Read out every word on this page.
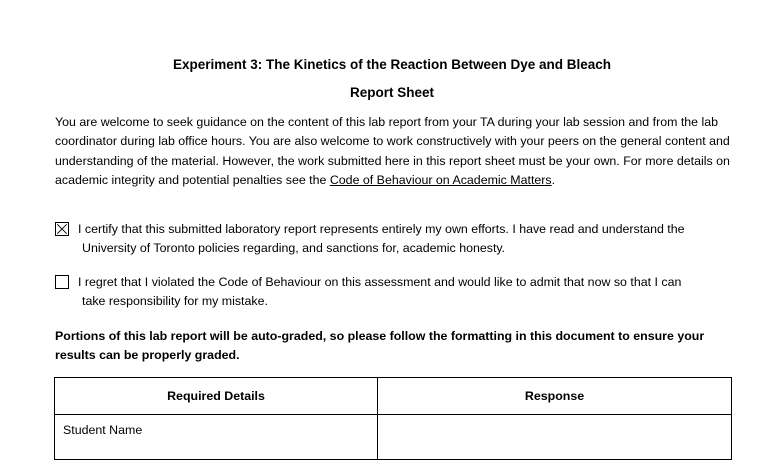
Experiment 3: The Kinetics of the Reaction Between Dye and Bleach
Report Sheet
You are welcome to seek guidance on the content of this lab report from your TA during your lab session and from the lab coordinator during lab office hours. You are also welcome to work constructively with your peers on the general content and understanding of the material. However, the work submitted here in this report sheet must be your own. For more details on academic integrity and potential penalties see the Code of Behaviour on Academic Matters.
I certify that this submitted laboratory report represents entirely my own efforts. I have read and understand the
University of Toronto policies regarding, and sanctions for, academic honesty.
I regret that I violated the Code of Behaviour on this assessment and would like to admit that now so that I can
take responsibility for my mistake.
Portions of this lab report will be auto-graded, so please follow the formatting in this document to ensure your results can be properly graded.
Required Details	Response
Student Name	
